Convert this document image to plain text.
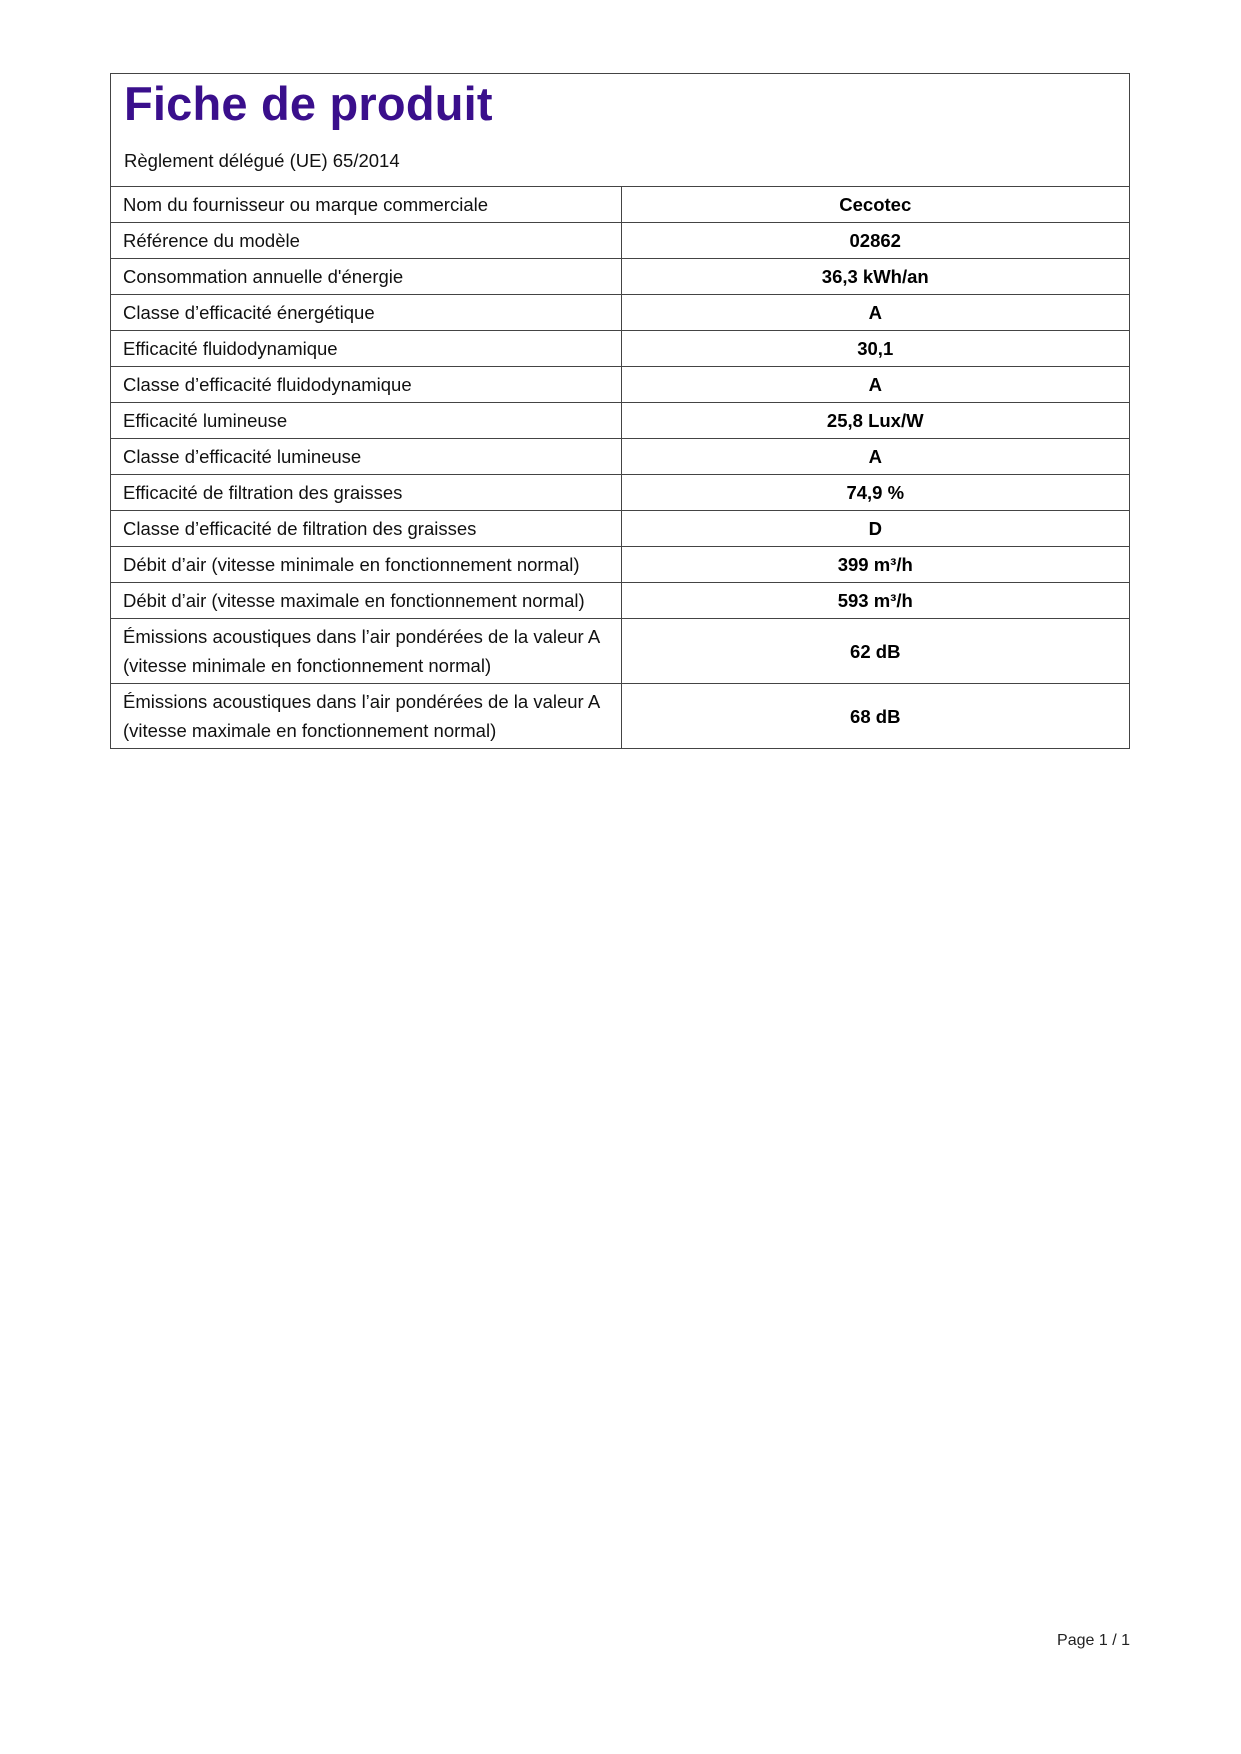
Fiche de produit
Règlement délégué (UE) 65/2014
Nom du fournisseur ou marque commerciale	Cecotec
Référence du modèle	02862
Consommation annuelle d'énergie	36,3 kWh/an
Classe d’efficacité énergétique	A
Efficacité fluidodynamique	30,1
Classe d’efficacité fluidodynamique	A
Efficacité lumineuse	25,8 Lux/W
Classe d’efficacité lumineuse	A
Efficacité de filtration des graisses	74,9 %
Classe d’efficacité de filtration des graisses	D
Débit d’air (vitesse minimale en fonctionnement normal)	399 m³/h
Débit d’air (vitesse maximale en fonctionnement normal)	593 m³/h

Émissions acoustiques dans l’air pondérées de la valeur A
(vitesse minimale en fonctionnement normal)	62 dB

Émissions acoustiques dans l’air pondérées de la valeur A
(vitesse maximale en fonctionnement normal)	68 dB
Page 1 / 1
